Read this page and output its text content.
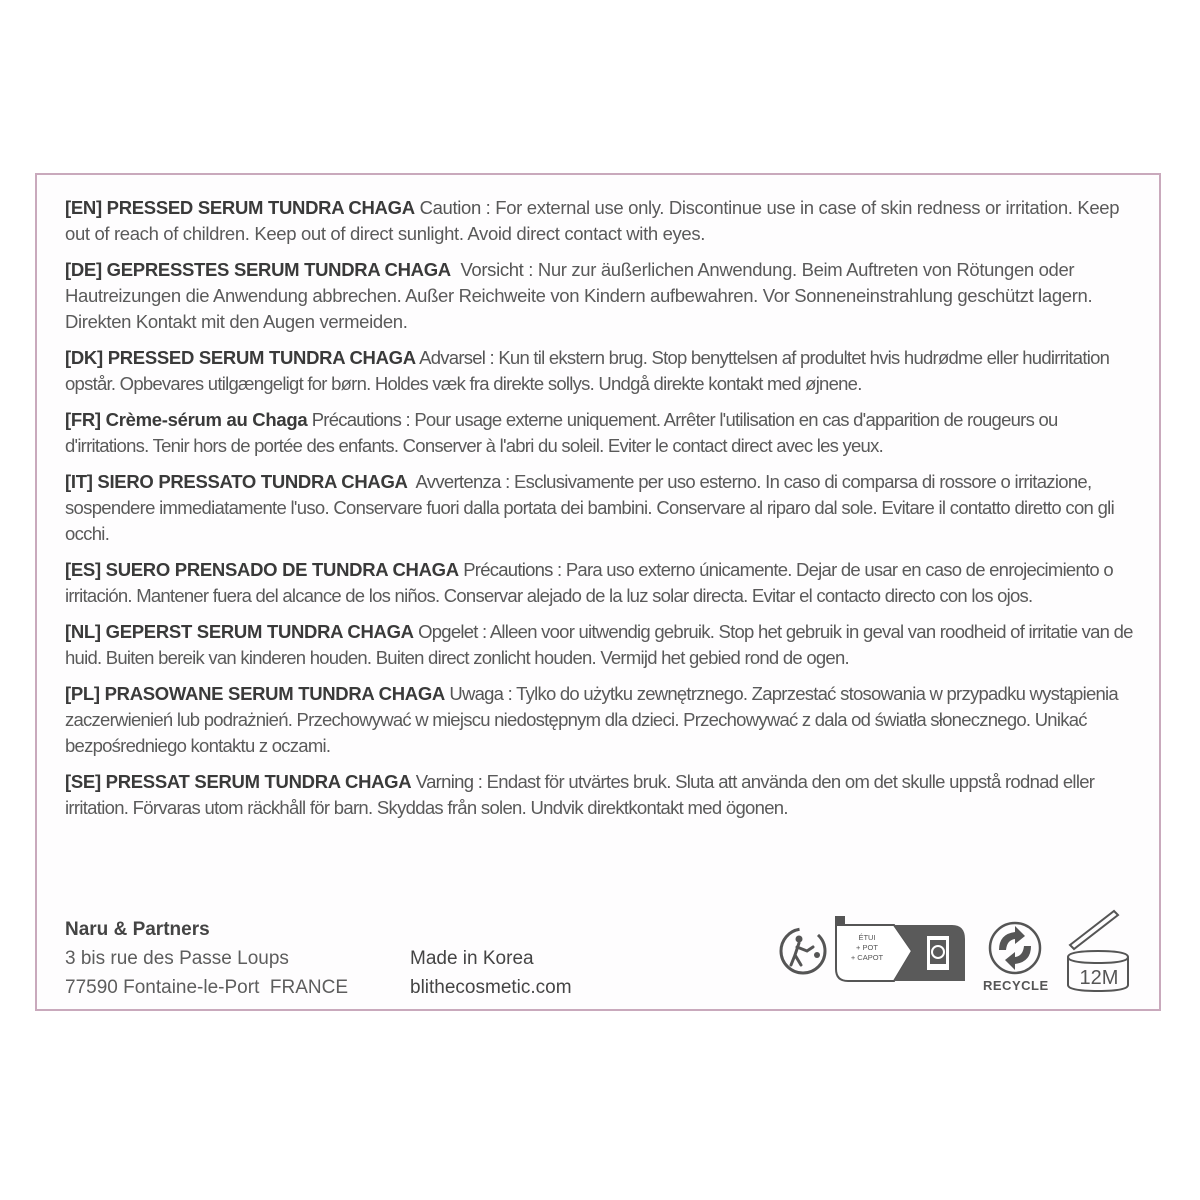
[EN] PRESSED SERUM TUNDRA CHAGA Caution : For external use only. Discontinue use in case of skin redness or irritation. Keep out of reach of children. Keep out of direct sunlight. Avoid direct contact with eyes.

[DE] GEPRESSTES SERUM TUNDRA CHAGA Vorsicht : Nur zur äußerlichen Anwendung. Beim Auftreten von Rötungen oder Hautreizungen die Anwendung abbrechen. Außer Reichweite von Kindern aufbewahren. Vor Sonneneinstrahlung geschützt lagern. Direkten Kontakt mit den Augen vermeiden.

[DK] PRESSED SERUM TUNDRA CHAGA Advarsel : Kun til ekstern brug. Stop benyttelsen af produltet hvis hudrødme eller hudirritation opstår. Opbevares utilgængeligt for børn. Holdes væk fra direkte sollys. Undgå direkte kontakt med øjnene.

[FR] Crème-sérum au Chaga Précautions : Pour usage externe uniquement. Arrêter l'utilisation en cas d'apparition de rougeurs ou d'irritations. Tenir hors de portée des enfants. Conserver à l'abri du soleil. Eviter le contact direct avec les yeux.

[IT] SIERO PRESSATO TUNDRA CHAGA Avvertenza : Esclusivamente per uso esterno. In caso di comparsa di rossore o irritazione, sospendere immediatamente l'uso. Conservare fuori dalla portata dei bambini. Conservare al riparo dal sole. Evitare il contatto diretto con gli occhi.

[ES] SUERO PRENSADO DE TUNDRA CHAGA Précautions : Para uso externo únicamente. Dejar de usar en caso de enrojecimiento o irritación. Mantener fuera del alcance de los niños. Conservar alejado de la luz solar directa. Evitar el contacto directo con los ojos.

[NL] GEPERST SERUM TUNDRA CHAGA Opgelet : Alleen voor uitwendig gebruik. Stop het gebruik in geval van roodheid of irritatie van de huid. Buiten bereik van kinderen houden. Buiten direct zonlicht houden. Vermijd het gebied rond de ogen.

[PL] PRASOWANE SERUM TUNDRA CHAGA Uwaga : Tylko do użytku zewnętrznego. Zaprzestać stosowania w przypadku wystąpienia zaczerwienień lub podrażnień. Przechowywać w miejscu niedostępnym dla dzieci. Przechowywać z dala od światła słonecznego. Unikać bezpośredniego kontaktu z oczami.

[SE] PRESSAT SERUM TUNDRA CHAGA Varning : Endast för utvärtes bruk. Sluta att använda den om det skulle uppstå rodnad eller irritation. Förvaras utom räckhåll för barn. Skyddas från solen. Undvik direktkontakt med ögonen.

Naru & Partners
3 bis rue des Passe Loups
77590 Fontaine-le-Port  FRANCE
Made in Korea
blithecosmetic.com
ÉTUI
+ POT
+ CAPOT
RECYCLE 12M
